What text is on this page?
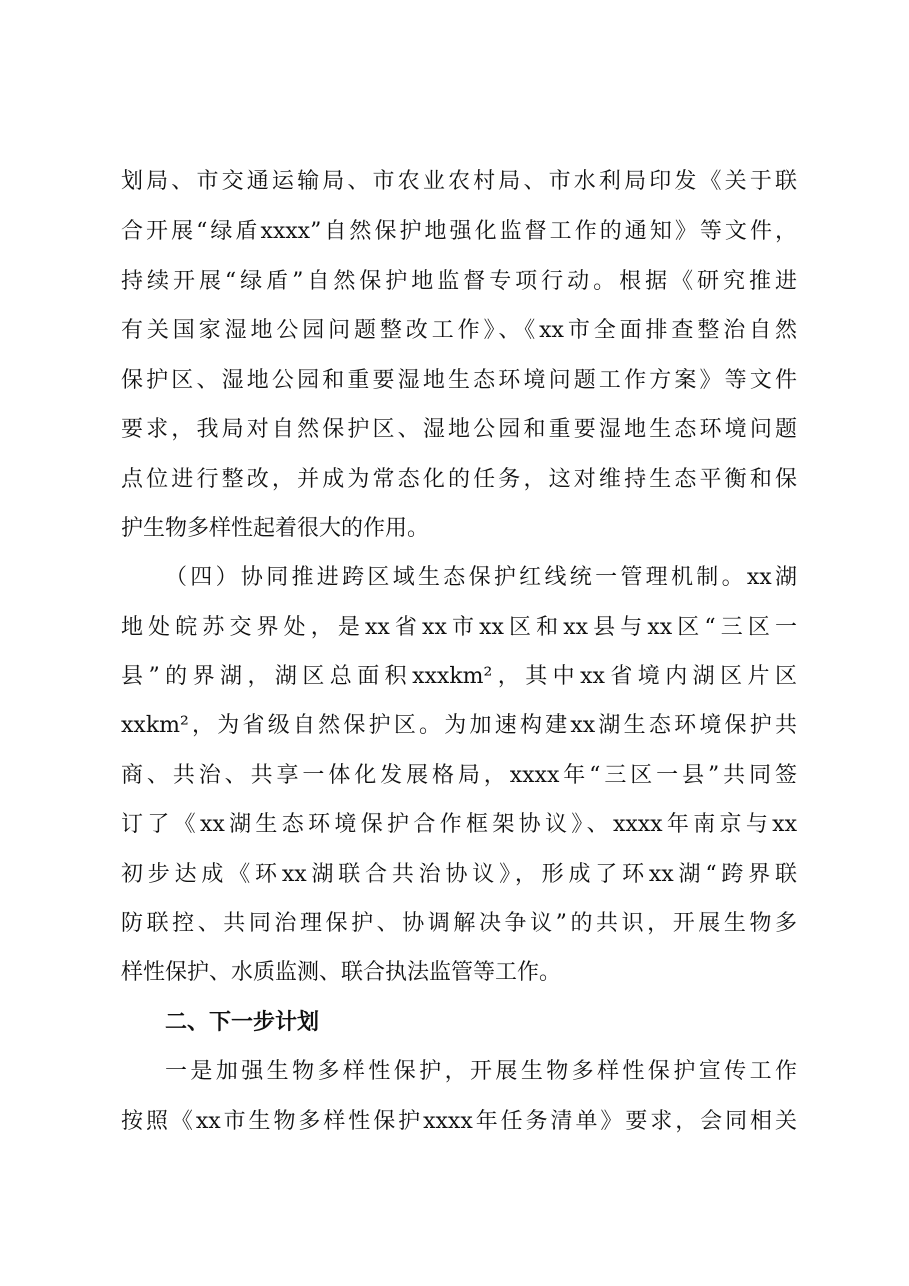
划局、市交通运输局、市农业农村局、市水利局印发《关于联
合开展“绿盾xxxx”自然保护地强化监督工作的通知》等文件，
持续开展“绿盾”自然保护地监督专项行动。根据《研究推进
有关国家湿地公园问题整改工作》、《xx市全面排查整治自然
保护区、湿地公园和重要湿地生态环境问题工作方案》等文件
要求，我局对自然保护区、湿地公园和重要湿地生态环境问题
点位进行整改，并成为常态化的任务，这对维持生态平衡和保
护生物多样性起着很大的作用。
（四）协同推进跨区域生态保护红线统一管理机制。xx湖
地处皖苏交界处，是xx省xx市xx区和xx县与xx区“三区一
县”的界湖，湖区总面积xxxkm²，其中xx省境内湖区片区
xxkm²，为省级自然保护区。为加速构建xx湖生态环境保护共
商、共治、共享一体化发展格局，xxxx年“三区一县”共同签
订了《xx湖生态环境保护合作框架协议》、xxxx年南京与xx
初步达成《环xx湖联合共治协议》，形成了环xx湖“跨界联
防联控、共同治理保护、协调解决争议”的共识，开展生物多
样性保护、水质监测、联合执法监管等工作。
二、下一步计划
一是加强生物多样性保护，开展生物多样性保护宣传工作
按照《xx市生物多样性保护xxxx年任务清单》要求，会同相关
